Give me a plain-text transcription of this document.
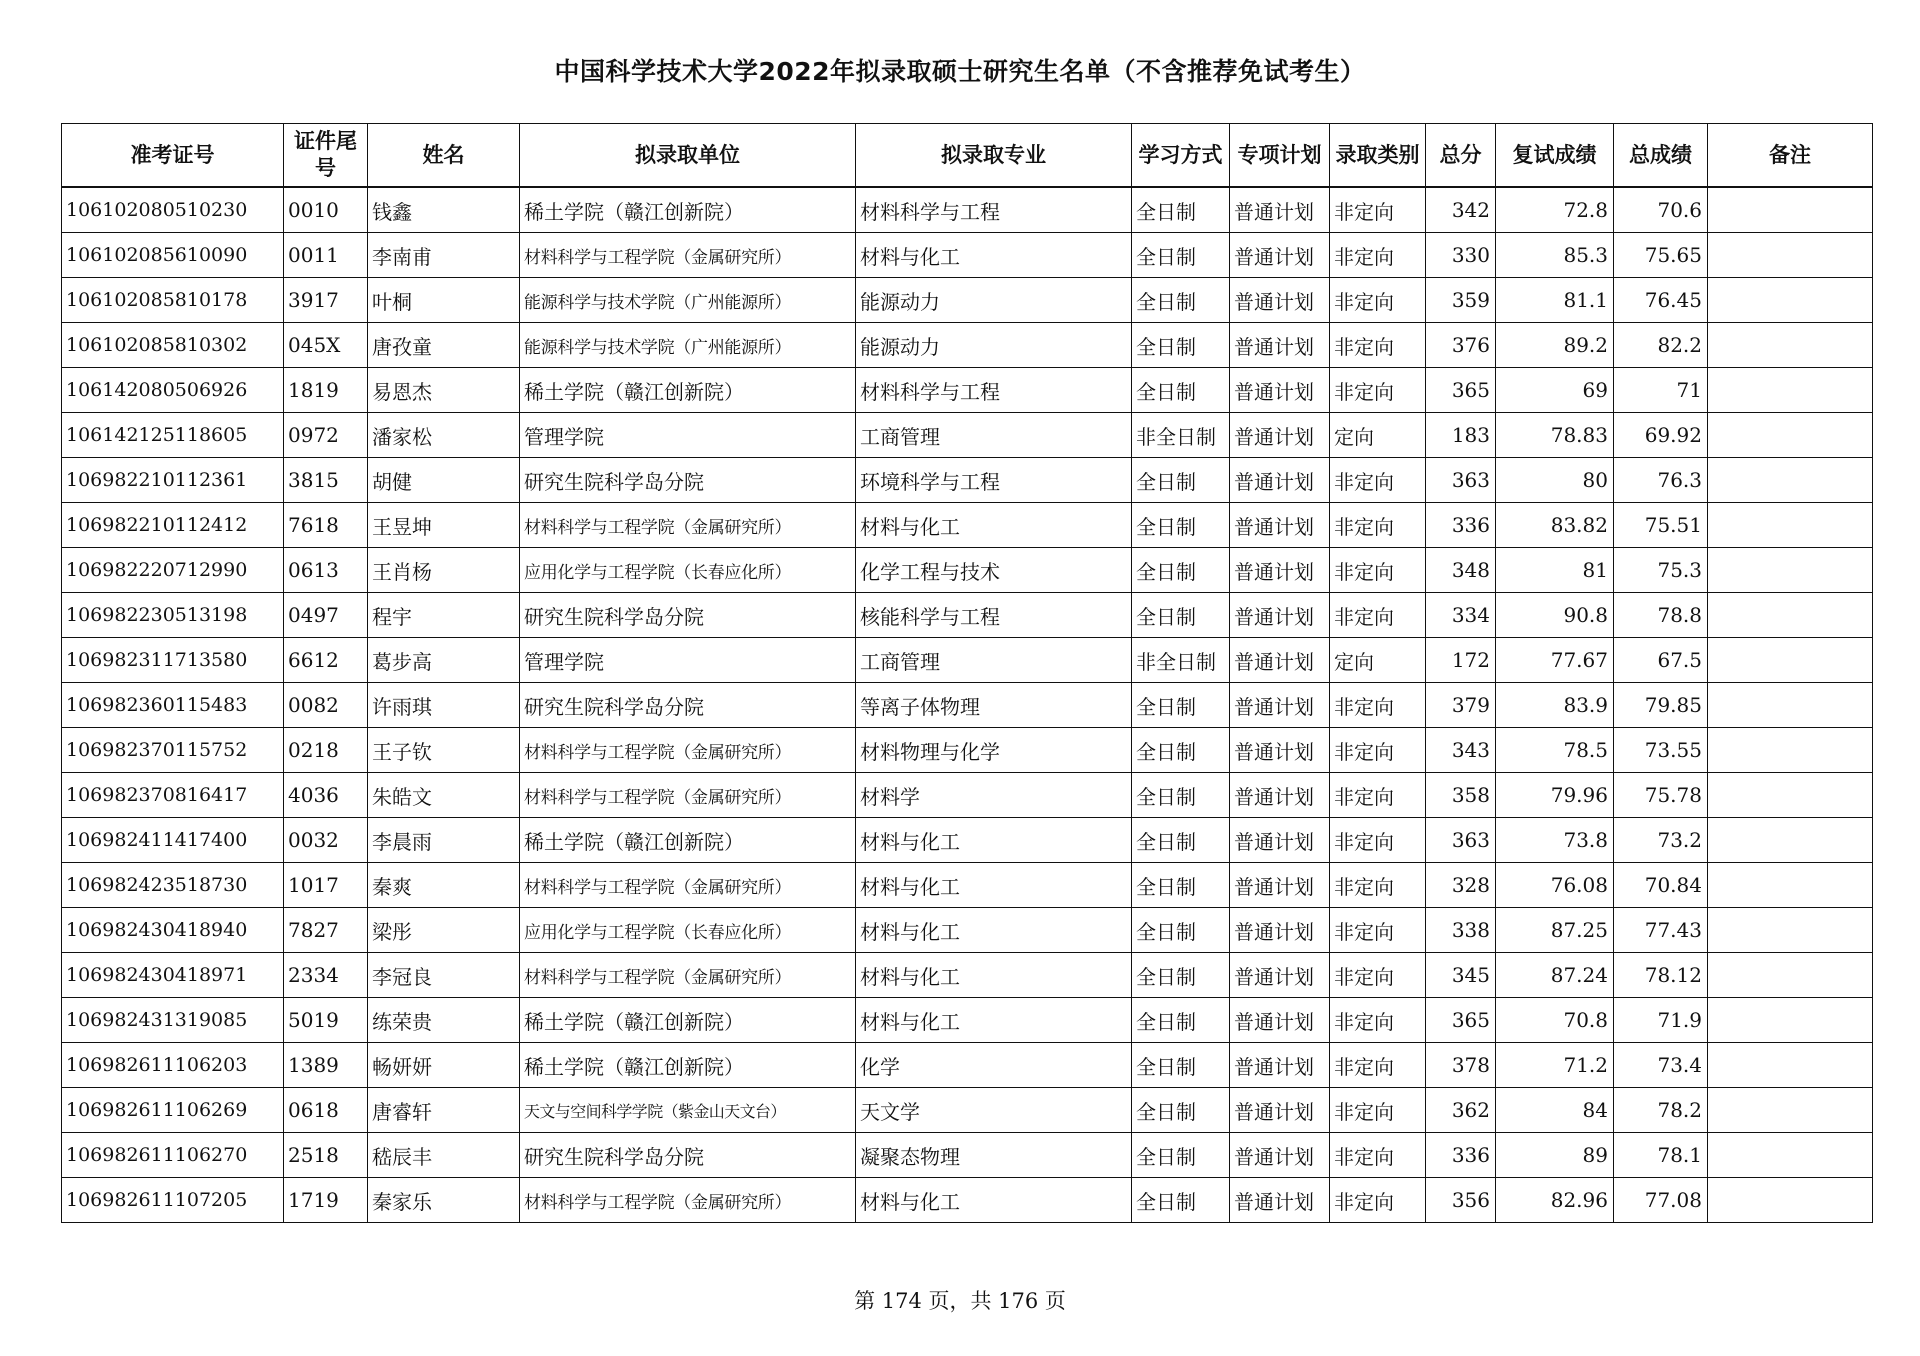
中国科学技术大学2022年拟录取硕士研究生名单（不含推荐免试考生）
准考证号	证件尾号	姓名	拟录取单位	拟录取专业	学习方式	专项计划	录取类别	总分	复试成绩	总成绩	备注
106102080510230	0010	钱鑫	稀土学院（赣江创新院）	材料科学与工程	全日制	普通计划	非定向	342	72.8	70.6	
106102085610090	0011	李南甫	材料科学与工程学院（金属研究所）	材料与化工	全日制	普通计划	非定向	330	85.3	75.65	
106102085810178	3917	叶桐	能源科学与技术学院（广州能源所）	能源动力	全日制	普通计划	非定向	359	81.1	76.45	
106102085810302	045X	唐孜童	能源科学与技术学院（广州能源所）	能源动力	全日制	普通计划	非定向	376	89.2	82.2	
106142080506926	1819	易恩杰	稀土学院（赣江创新院）	材料科学与工程	全日制	普通计划	非定向	365	69	71	
106142125118605	0972	潘家松	管理学院	工商管理	非全日制	普通计划	定向	183	78.83	69.92	
106982210112361	3815	胡健	研究生院科学岛分院	环境科学与工程	全日制	普通计划	非定向	363	80	76.3	
106982210112412	7618	王昱坤	材料科学与工程学院（金属研究所）	材料与化工	全日制	普通计划	非定向	336	83.82	75.51	
106982220712990	0613	王肖杨	应用化学与工程学院（长春应化所）	化学工程与技术	全日制	普通计划	非定向	348	81	75.3	
106982230513198	0497	程宇	研究生院科学岛分院	核能科学与工程	全日制	普通计划	非定向	334	90.8	78.8	
106982311713580	6612	葛步高	管理学院	工商管理	非全日制	普通计划	定向	172	77.67	67.5	
106982360115483	0082	许雨琪	研究生院科学岛分院	等离子体物理	全日制	普通计划	非定向	379	83.9	79.85	
106982370115752	0218	王子钦	材料科学与工程学院（金属研究所）	材料物理与化学	全日制	普通计划	非定向	343	78.5	73.55	
106982370816417	4036	朱皓文	材料科学与工程学院（金属研究所）	材料学	全日制	普通计划	非定向	358	79.96	75.78	
106982411417400	0032	李晨雨	稀土学院（赣江创新院）	材料与化工	全日制	普通计划	非定向	363	73.8	73.2	
106982423518730	1017	秦爽	材料科学与工程学院（金属研究所）	材料与化工	全日制	普通计划	非定向	328	76.08	70.84	
106982430418940	7827	梁彤	应用化学与工程学院（长春应化所）	材料与化工	全日制	普通计划	非定向	338	87.25	77.43	
106982430418971	2334	李冠良	材料科学与工程学院（金属研究所）	材料与化工	全日制	普通计划	非定向	345	87.24	78.12	
106982431319085	5019	练荣贵	稀土学院（赣江创新院）	材料与化工	全日制	普通计划	非定向	365	70.8	71.9	
106982611106203	1389	畅妍妍	稀土学院（赣江创新院）	化学	全日制	普通计划	非定向	378	71.2	73.4	
106982611106269	0618	唐睿轩	天文与空间科学学院（紫金山天文台）	天文学	全日制	普通计划	非定向	362	84	78.2	
106982611106270	2518	嵇辰丰	研究生院科学岛分院	凝聚态物理	全日制	普通计划	非定向	336	89	78.1	
106982611107205	1719	秦家乐	材料科学与工程学院（金属研究所）	材料与化工	全日制	普通计划	非定向	356	82.96	77.08	
第 174 页，共 176 页
